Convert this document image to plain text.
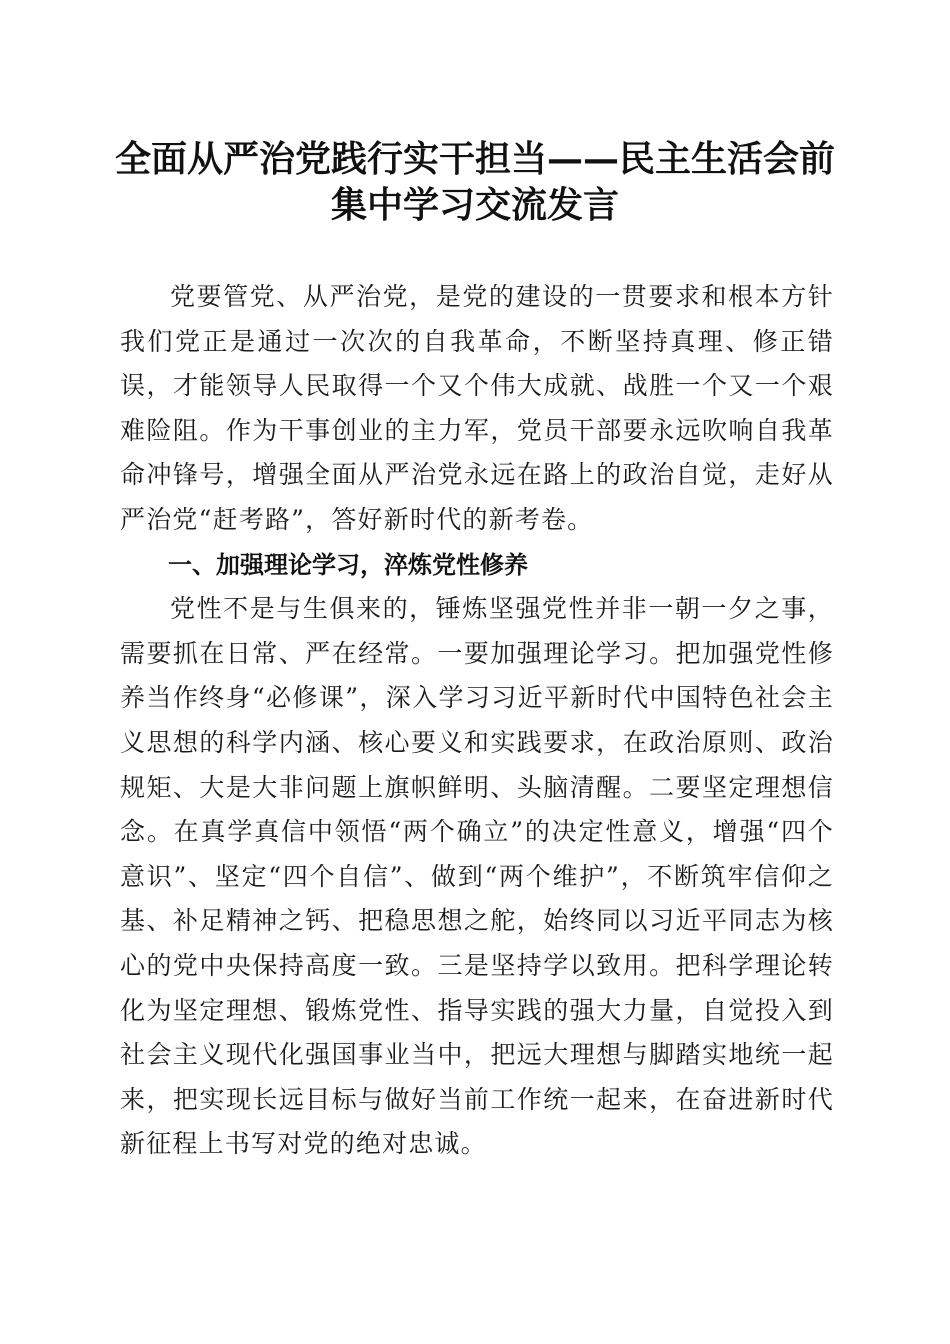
全面从严治党践行实干担当——民主生活会前
集中学习交流发言

党要管党、从严治党，是党的建设的一贯要求和根本方针我们党正是通过一次次的自我革命，不断坚持真理、修正错误，才能领导人民取得一个又个伟大成就、战胜一个又一个艰难险阻。作为干事创业的主力军，党员干部要永远吹响自我革命冲锋号，增强全面从严治党永远在路上的政治自觉，走好从严治党“赶考路”，答好新时代的新考卷。

一、加强理论学习，淬炼党性修养

党性不是与生俱来的，锤炼坚强党性并非一朝一夕之事，需要抓在日常、严在经常。一要加强理论学习。把加强党性修养当作终身“必修课”，深入学习习近平新时代中国特色社会主义思想的科学内涵、核心要义和实践要求，在政治原则、政治规矩、大是大非问题上旗帜鲜明、头脑清醒。二要坚定理想信念。在真学真信中领悟“两个确立”的决定性意义，增强“四个意识”、坚定“四个自信”、做到“两个维护”，不断筑牢信仰之基、补足精神之钙、把稳思想之舵，始终同以习近平同志为核心的党中央保持高度一致。三是坚持学以致用。把科学理论转化为坚定理想、锻炼党性、指导实践的强大力量，自觉投入到社会主义现代化强国事业当中，把远大理想与脚踏实地统一起来，把实现长远目标与做好当前工作统一起来，在奋进新时代新征程上书写对党的绝对忠诚。
